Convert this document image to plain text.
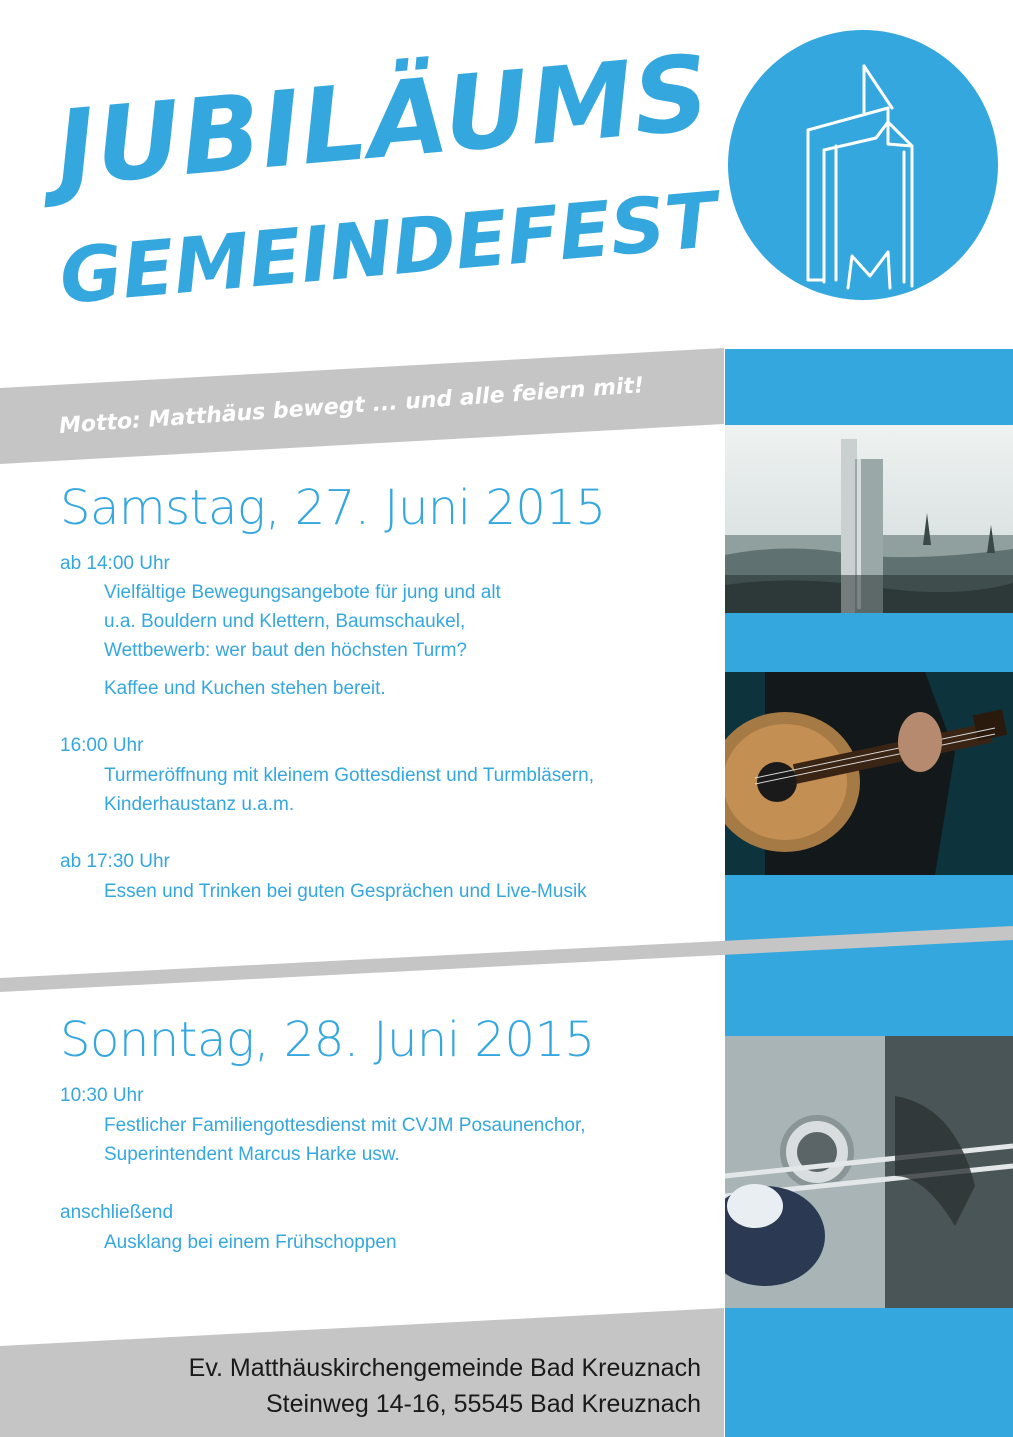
JUBILÄUMS
GEMEINDEFEST
Motto: Matthäus bewegt ... und alle feiern mit!
Samstag, 27. Juni 2015
ab 14:00 Uhr
Vielfältige Bewegungsangebote für jung und alt
u.a. Bouldern und Klettern, Baumschaukel,
Wettbewerb: wer baut den höchsten Turm?
Kaffee und Kuchen stehen bereit.
16:00 Uhr
Turmeröffnung mit kleinem Gottesdienst und Turmbläsern,
Kinderhaustanz u.a.m.
ab 17:30 Uhr
Essen und Trinken bei guten Gesprächen und Live-Musik
Sonntag, 28. Juni 2015
10:30 Uhr
Festlicher Familiengottesdienst mit CVJM Posaunenchor,
Superintendent Marcus Harke usw.
anschließend
Ausklang bei einem Frühschoppen
Ev. Matthäuskirchengemeinde Bad Kreuznach
Steinweg 14-16, 55545 Bad Kreuznach
